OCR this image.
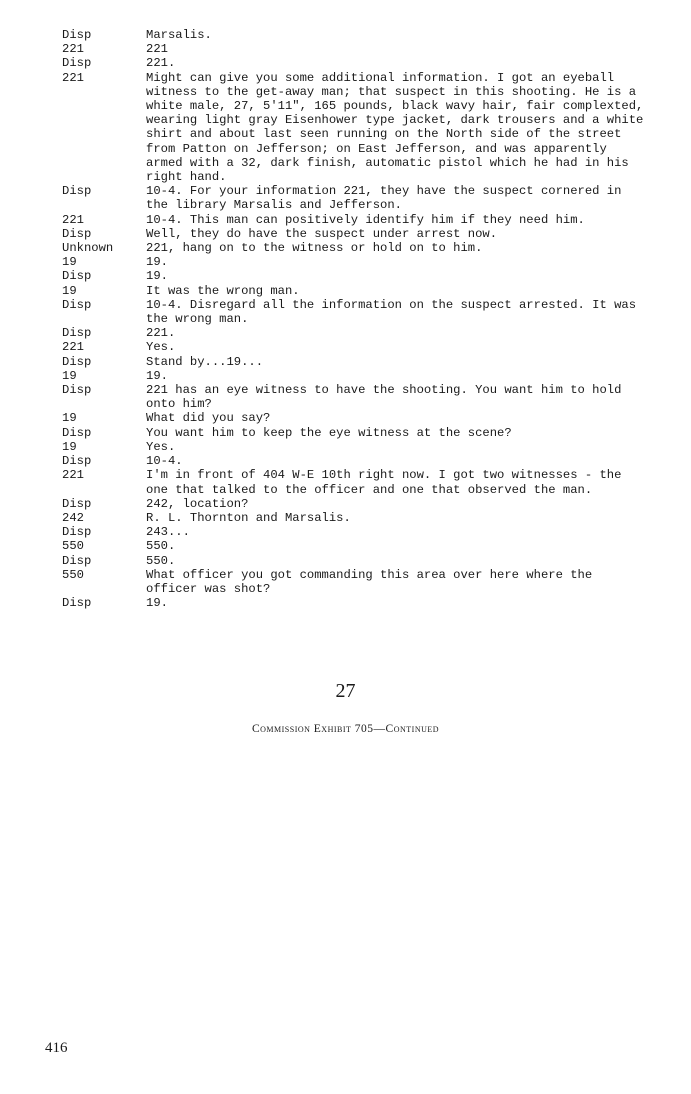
Disp	Marsalis.
221	221
Disp	221.
221	Might can give you some additional information. I got an eyeball witness to the get-away man; that suspect in this shooting. He is a white male, 27, 5'11", 165 pounds, black wavy hair, fair complexted, wearing light gray Eisenhower type jacket, dark trousers and a white shirt and about last seen running on the North side of the street from Patton on Jefferson; on East Jefferson, and was apparently armed with a 32, dark finish, automatic pistol which he had in his right hand.
Disp	10-4. For your information 221, they have the suspect cornered in the library Marsalis and Jefferson.
221	10-4. This man can positively identify him if they need him.
Disp	Well, they do have the suspect under arrest now.
Unknown	221, hang on to the witness or hold on to him.
19	19.
Disp	19.
19	It was the wrong man.
Disp	10-4. Disregard all the information on the suspect arrested. It was the wrong man.
Disp	221.
221	Yes.
Disp	Stand by...19...
19	19.
Disp	221 has an eye witness to have the shooting. You want him to hold onto him?
19	What did you say?
Disp	You want him to keep the eye witness at the scene?
19	Yes.
Disp	10-4.
221	I'm in front of 404 W-E 10th right now. I got two witnesses - the one that talked to the officer and one that observed the man.
Disp	242, location?
242	R. L. Thornton and Marsalis.
Disp	243...
550	550.
Disp	550.
550	What officer you got commanding this area over here where the officer was shot?
Disp	19.
27
Commission Exhibit 705—Continued
416
